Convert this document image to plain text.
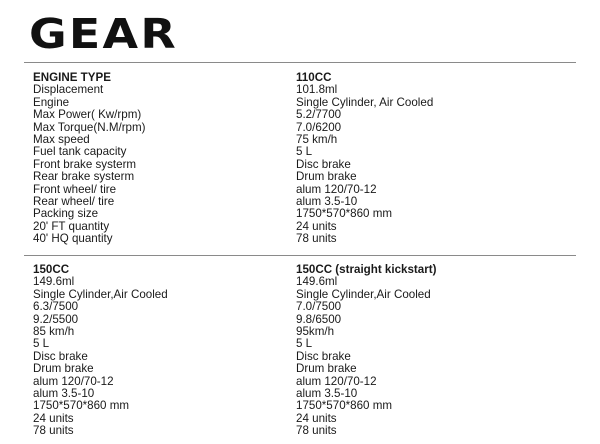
GEAR
ENGINE TYPE
Displacement
Engine
Max Power( Kw/rpm)
Max Torque(N.M/rpm)
Max speed
Fuel tank capacity
Front brake systerm
Rear brake systerm
Front wheel/ tire
Rear wheel/ tire
Packing size
20' FT quantity
40' HQ quantity
110CC
101.8ml
Single Cylinder, Air Cooled
5.2/7700
7.0/6200
75 km/h
5 L
Disc brake
Drum brake
alum 120/70-12
alum 3.5-10
1750*570*860 mm
24 units
78 units
150CC
149.6ml
Single Cylinder,Air Cooled
6.3/7500
9.2/5500
85 km/h
5 L
Disc brake
Drum brake
alum 120/70-12
alum 3.5-10
1750*570*860 mm
24 units
78 units
150CC (straight kickstart)
149.6ml
Single Cylinder,Air Cooled
7.0/7500
9.8/6500
95km/h
5 L
Disc brake
Drum brake
alum 120/70-12
alum 3.5-10
1750*570*860 mm
24 units
78 units
